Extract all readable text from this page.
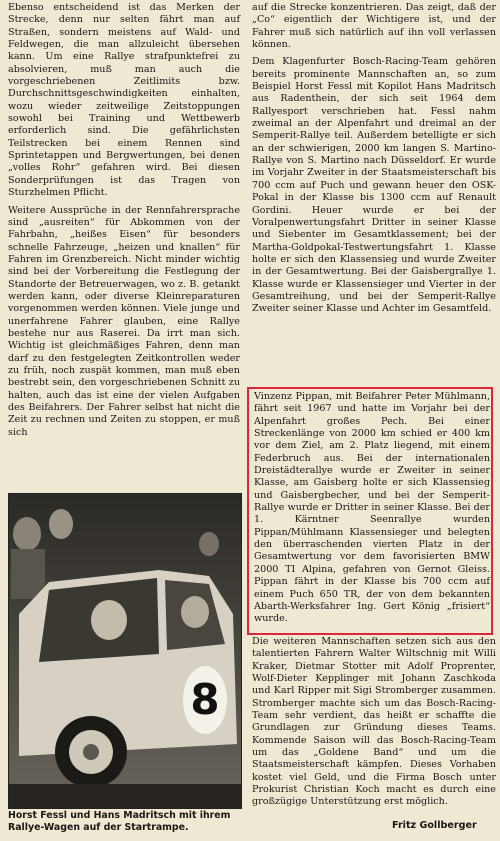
Ebenso entscheidend ist das Merken der Strecke, denn nur selten fährt man auf Straßen, sondern meistens auf Wald- und Feldwegen, die man allzuleicht übersehen kann. Um eine Rallye strafpunktefrei zu absolvieren, muß man auch die vorgeschriebenen Zeitlimits bzw. Durchschnittsgeschwindigkeiten einhalten, wozu wieder zeitweilige Zeitstoppungen sowohl bei Training und Wettbewerb erforderlich sind. Die gefährlichsten Teilstrecken bei einem Rennen sind Sprintetappen und Bergwertungen, bei denen „volles Rohr“ gefahren wird. Bei diesen Sonderprüfungen ist das Tragen von Sturzhelmen Pflicht.

Weitere Aussprüche in der Rennfahrersprache sind „ausreiten“ für Abkommen von der Fahrbahn, „heißes Eisen“ für besonders schnelle Fahrzeuge, „heizen und knallen“ für Fahren im Grenzbereich. Nicht minder wichtig sind bei der Vorbereitung die Festlegung der Standorte der Betreuerwagen, wo z. B. getankt werden kann, oder diverse Kleinreparaturen vorgenommen werden können. Viele junge und unerfahrene Fahrer glauben, eine Rallye bestehe nur aus Raserei. Da irrt man sich. Wichtig ist gleichmäßiges Fahren, denn man darf zu den festgelegten Zeitkontrollen weder zu früh, noch zuspät kommen, man muß eben bestrebt sein, den vorgeschriebenen Schnitt zu halten, auch das ist eine der vielen Aufgaben des Beifahrers. Der Fahrer selbst hat nicht die Zeit zu rechnen und Zeiten zu stoppen, er muß sich

8
Horst Fessl und Hans Madritsch mit ihrem Rallye-Wagen auf der Startrampe.

auf die Strecke konzentrieren. Das zeigt, daß der „Co“ eigentlich der Wichtigere ist, und der Fahrer muß sich natürlich auf ihn voll verlassen können.

Dem Klagenfurter Bosch-Racing-Team gehören bereits prominente Mannschaften an, so zum Beispiel Horst Fessl mit Kopilot Hans Madritsch aus Radenthein, der sich seit 1964 dem Rallyesport verschrieben hat. Fessl nahm zweimal an der Alpenfahrt und dreimal an der Semperit-Rallye teil. Außerdem betelligte er sich an der schwierigen, 2000 km langen S. Martino-Rallye von S. Martino nach Düsseldorf. Er wurde im Vorjahr Zweiter in der Staatsmeisterschaft bis 700 ccm auf Puch und gewann heuer den OSK-Pokal in der Klasse bis 1300 ccm auf Renault Gordini. Heuer wurde er bei der Voralpenwertungsfahrt Dritter in seiner Klasse und Siebenter im Gesamtklassement; bei der Martha-Goldpokal-Testwertungsfahrt 1. Klasse holte er sich den Klassensieg und wurde Zweiter in der Gesamtwertung. Bei der Gaisbergrallye 1. Klasse wurde er Klassensieger und Vierter in der Gesamtreihung, und bei der Semperit-Rallye Zweiter seiner Klasse und Achter im Gesamtfeld.

Vinzenz Pippan, mit Beifahrer Peter Mühlmann, fährt seit 1967 und hatte im Vorjahr bei der Alpenfahrt großes Pech. Bei einer Streckenlänge von 2000 km schied er 400 km vor dem Ziel, am 2. Platz liegend, mit einem Federbruch aus. Bei der internationalen Dreistädterallye wurde er Zweiter in seiner Klasse, am Gaisberg holte er sich Klassensieg und Gaisbergbecher, und bei der Semperit-Rallye wurde er Dritter in seiner Klasse. Bei der 1. Kärntner Seenrallye wurden Pippan/Mühlmann Klassensieger und belegten den überraschenden vierten Platz in der Gesamtwertung vor dem favorisierten BMW 2000 TI Alpina, gefahren von Gernot Gleiss. Pippan fährt in der Klasse bis 700 ccm auf einem Puch 650 TR, der von dem bekannten Abarth-Werksfahrer Ing. Gert König „frisiert“ wurde.

Die weiteren Mannschaften setzen sich aus den talentierten Fahrern Walter Wiltschnig mit Willi Kraker, Dietmar Stotter mit Adolf Proprenter, Wolf-Dieter Kepplinger mit Johann Zaschkoda und Karl Ripper mit Sigi Stromberger zusammen. Stromberger machte sich um das Bosch-Racing-Team sehr verdient, das heißt er schaffte die Grundlagen zur Gründung dieses Teams. Kommende Saison will das Bosch-Racing-Team um das „Goldene Band“ und um die Staatsmeisterschaft kämpfen. Dieses Vorhaben kostet viel Geld, und die Firma Bosch unter Prokurist Christian Koch macht es durch eine großzügige Unterstützung erst möglich.

Fritz Gollberger
